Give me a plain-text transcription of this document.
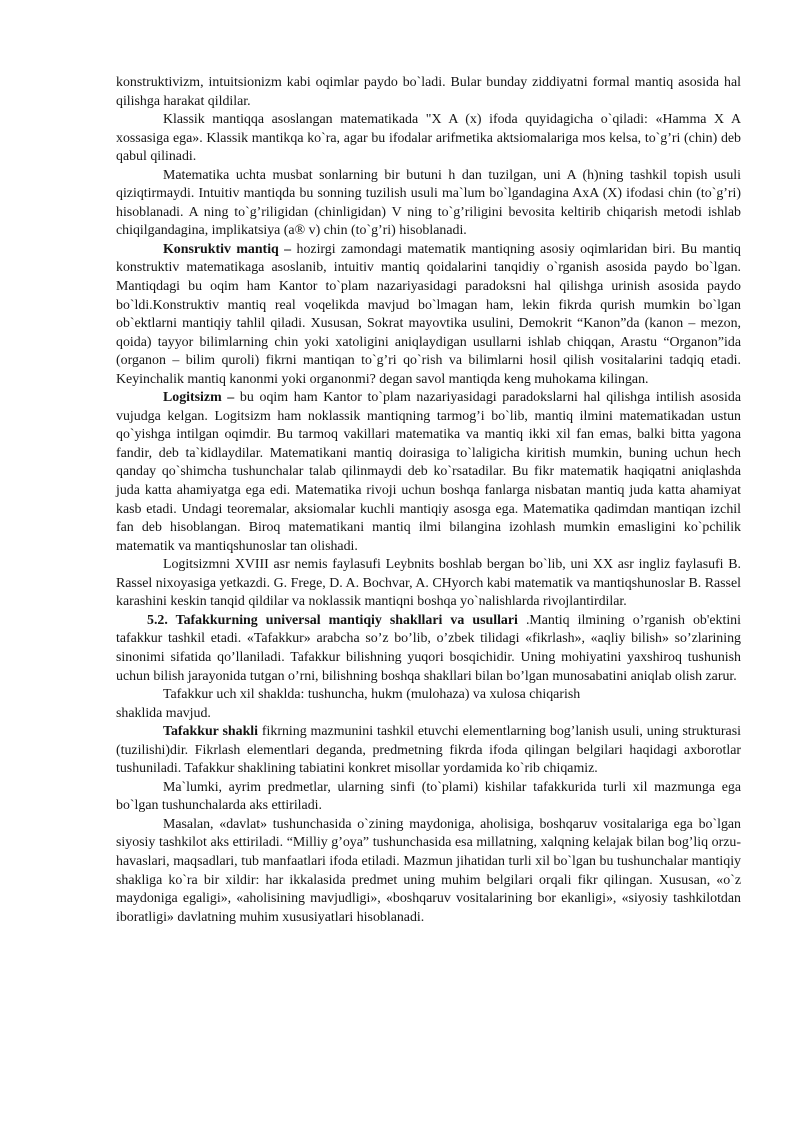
konstruktivizm, intuitsionizm kabi oqimlar paydo bo`ladi. Bular bunday ziddiyatni formal mantiq asosida hal qilishga harakat qildilar.

Klassik mantiqqa asoslangan matematikada "X A (x) ifoda quyidagicha o`qiladi: «Hamma X A xossasiga ega». Klassik mantikqa ko`ra, agar bu ifodalar arifmetika aktsiomalariga mos kelsa, to`g’ri (chin) deb qabul qilinadi.

Matematika uchta musbat sonlarning bir butuni h dan tuzilgan, uni A (h)ning tashkil topish usuli qiziqtirmaydi. Intuitiv mantiqda bu sonning tuzilish usuli ma`lum bo`lgandagina AxA (X) ifodasi chin (to`g’ri) hisoblanadi. A ning to`g’riligidan (chinligidan) V ning to`g’riligini bevosita keltirib chiqarish metodi ishlab chiqilgandagina, implikatsiya (a® v) chin (to`g’ri) hisoblanadi.

Konsruktiv mantiq – hozirgi zamondagi matematik mantiqning asosiy oqimlaridan biri. Bu mantiq konstruktiv matematikaga asoslanib, intuitiv mantiq qoidalarini tanqidiy o`rganish asosida paydo bo`lgan. Mantiqdagi bu oqim ham Kantor to`plam nazariyasidagi paradoksni hal qilishga urinish asosida paydo bo`ldi.Konstruktiv mantiq real voqelikda mavjud bo`lmagan ham, lekin fikrda qurish mumkin bo`lgan ob`ektlarni mantiqiy tahlil qiladi. Xususan, Sokrat mayovtika usulini, Demokrit “Kanon”da (kanon – mezon, qoida) tayyor bilimlarning chin yoki xatoligini aniqlaydigan usullarni ishlab chiqqan, Arastu “Organon”ida (organon – bilim quroli) fikrni mantiqan to`g’ri qo`rish va bilimlarni hosil qilish vositalarini tadqiq etadi. Keyinchalik mantiq kanonmi yoki organonmi? degan savol mantiqda keng muhokama kilingan.

Logitsizm – bu oqim ham Kantor to`plam nazariyasidagi paradokslarni hal qilishga intilish asosida vujudga kelgan. Logitsizm ham noklassik mantiqning tarmog’i bo`lib, mantiq ilmini matematikadan ustun qo`yishga intilgan oqimdir. Bu tarmoq vakillari matematika va mantiq ikki xil fan emas, balki bitta yagona fandir, deb ta`kidlaydilar. Matematikani mantiq doirasiga to`laligicha kiritish mumkin, buning uchun hech qanday qo`shimcha tushunchalar talab qilinmaydi deb ko`rsatadilar. Bu fikr matematik haqiqatni aniqlashda juda katta ahamiyatga ega edi. Matematika rivoji uchun boshqa fanlarga nisbatan mantiq juda katta ahamiyat kasb etadi. Undagi teoremalar, aksiomalar kuchli mantiqiy asosga ega. Matematika qadimdan mantiqan izchil fan deb hisoblangan. Biroq matematikani mantiq ilmi bilangina izohlash mumkin emasligini ko`pchilik matematik va mantiqshunoslar tan olishadi.

Logitsizmni XVIII asr nemis faylasufi Leybnits boshlab bergan bo`lib, uni XX asr ingliz faylasufi B. Rassel nixoyasiga yetkazdi. G. Frege, D. A. Bochvar, A. CHyorch kabi matematik va mantiqshunoslar B. Rassel karashini keskin tanqid qildilar va noklassik mantiqni boshqa yo`nalishlarda rivojlantirdilar.

5.2. Tafakkurning universal mantiqiy shakllari va usullari .Mantiq ilmining o’rganish ob'ektini tafakkur tashkil etadi. «Tafakkur» arabcha so’z bo’lib, o’zbek tilidagi «fikrlash», «aqliy bilish» so’zlarining sinonimi sifatida qo’llaniladi. Tafakkur bilishning yuqori bosqichidir. Uning mohiyatini yaxshiroq tushunish uchun bilish jarayonida tutgan o’rni, bilishning boshqa shakllari bilan bo’lgan munosabatini aniqlab olish zarur.

Tafakkur uch xil shaklda: tushuncha, hukm (mulohaza) va xulosa chiqarish

shaklida mavjud.

Tafakkur shakli fikrning mazmunini tashkil etuvchi elementlarning bog’lanish usuli, uning strukturasi (tuzilishi)dir. Fikrlash elementlari deganda, predmetning fikrda ifoda qilingan belgilari haqidagi axborotlar tushuniladi. Tafakkur shaklining tabiatini konkret misollar yordamida ko`rib chiqamiz.

Ma`lumki, ayrim predmetlar, ularning sinfi (to`plami) kishilar tafakkurida turli xil mazmunga ega bo`lgan tushunchalarda aks ettiriladi.

Masalan, «davlat» tushunchasida o`zining maydoniga, aholisiga, boshqaruv vositalariga ega bo`lgan siyosiy tashkilot aks ettiriladi. “Milliy g’oya” tushunchasida esa millatning, xalqning kelajak bilan bog’liq orzu-havaslari, maqsadlari, tub manfaatlari ifoda etiladi. Mazmun jihatidan turli xil bo`lgan bu tushunchalar mantiqiy shakliga ko`ra bir xildir: har ikkalasida predmet uning muhim belgilari orqali fikr qilingan. Xususan, «o`z maydoniga egaligi», «aholisining mavjudligi», «boshqaruv vositalarining bor ekanligi», «siyosiy tashkilotdan iboratligi» davlatning muhim xususiyatlari hisoblanadi.
